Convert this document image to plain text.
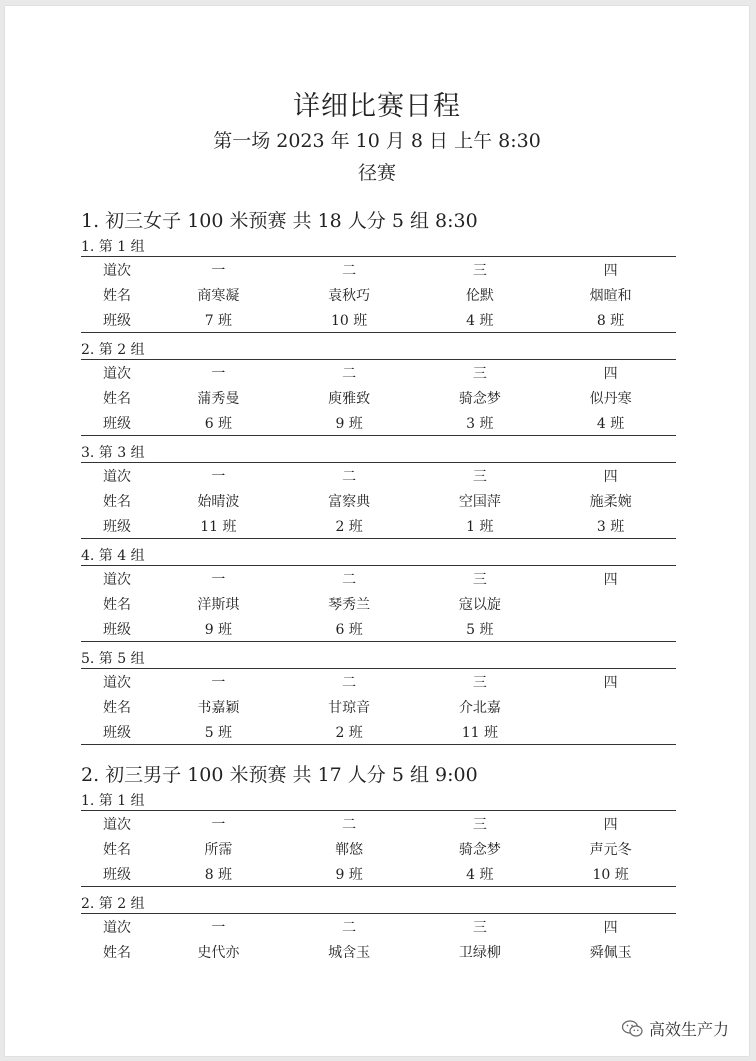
详细比赛日程
第一场 2023 年 10 月 8 日 上午 8:30
径赛
1. 初三女子 100 米预赛 共 18 人分 5 组 8:30
1. 第 1 组
道次	一	二	三	四
姓名	商寒凝	袁秋巧	伦默	烟暄和
班级	7 班	10 班	4 班	8 班
2. 第 2 组
道次	一	二	三	四
姓名	蒲秀曼	庾雅致	骑念梦	似丹寒
班级	6 班	9 班	3 班	4 班
3. 第 3 组
道次	一	二	三	四
姓名	始晴波	富察典	空国萍	施柔婉
班级	11 班	2 班	1 班	3 班
4. 第 4 组
道次	一	二	三	四
姓名	洋斯琪	琴秀兰	寇以旋	
班级	9 班	6 班	5 班	
5. 第 5 组
道次	一	二	三	四
姓名	书嘉颖	甘琼音	介北嘉	
班级	5 班	2 班	11 班	
2. 初三男子 100 米预赛 共 17 人分 5 组 9:00
1. 第 1 组
道次	一	二	三	四
姓名	所霈	郸悠	骑念梦	声元冬
班级	8 班	9 班	4 班	10 班
2. 第 2 组
道次	一	二	三	四
姓名	史代亦	城含玉	卫绿柳	舜佩玉
高效生产力
